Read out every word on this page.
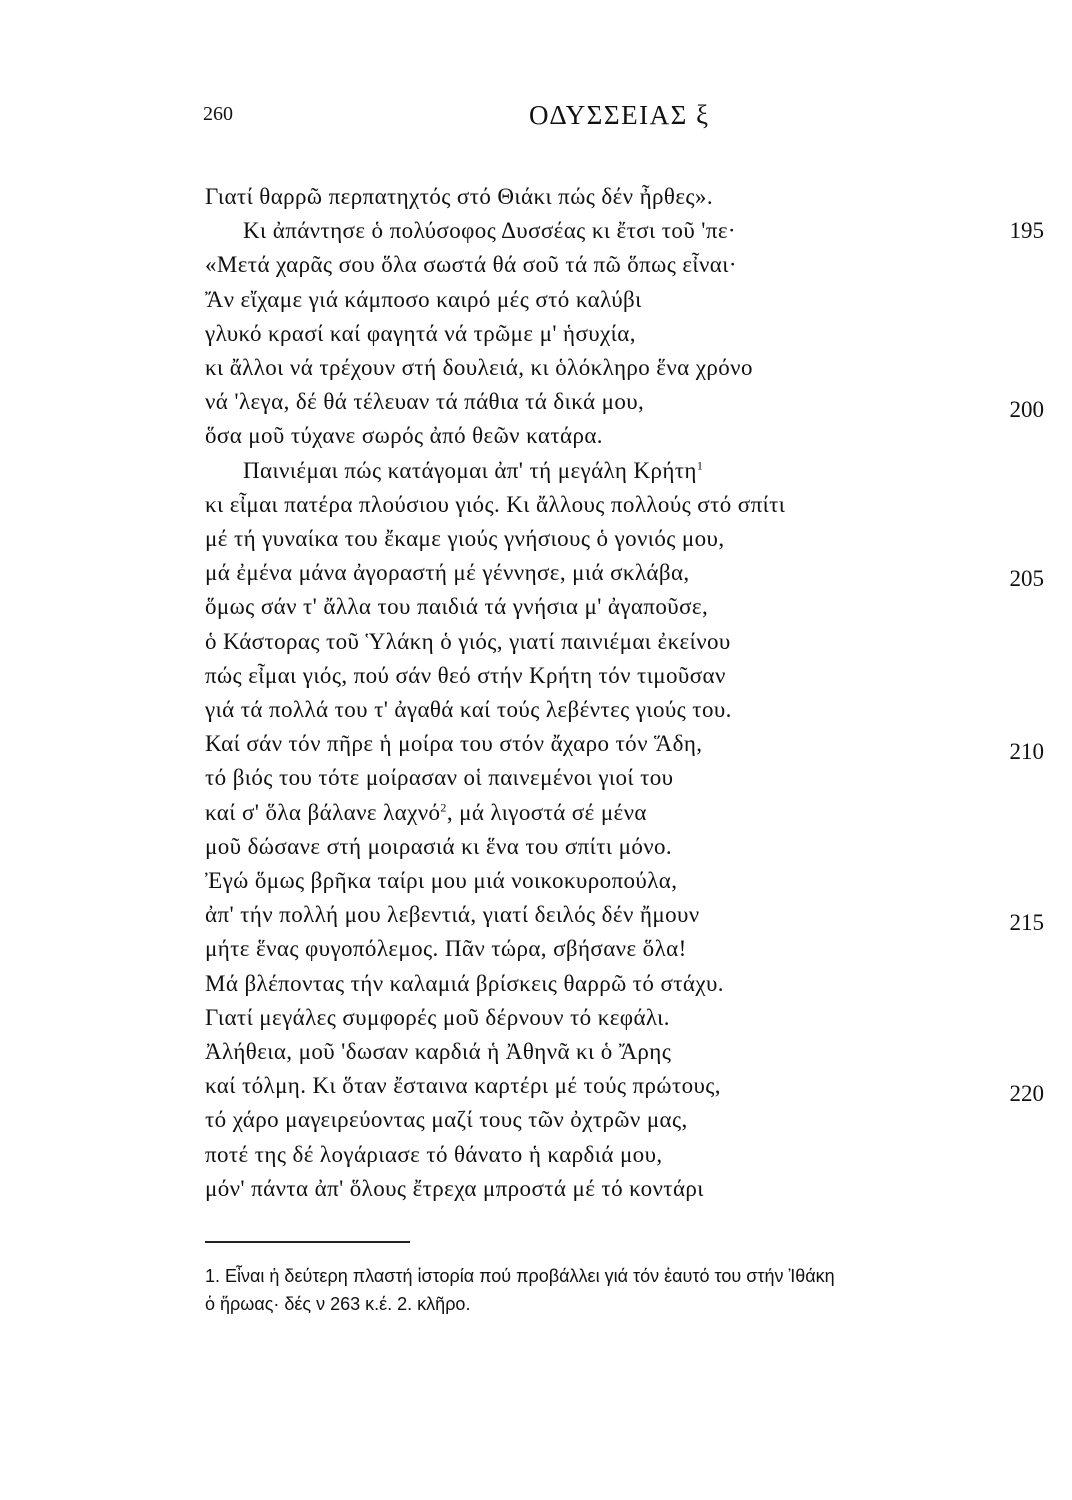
260	ΟΔΥΣΣΕΙΑΣ ξ
Γιατί θαρρῶ περπατηχτός στό Θιάκι πώς δέν ἦρθες».
Κι ἀπάντησε ὁ πολύσοφος Δυσσέας κι ἔτσι τοῦ 'πε·	195
«Μετά χαρᾶς σου ὅλα σωστά θά σοῦ τά πῶ ὅπως εἶναι·
Ἄν εἴχαμε γιά κάμποσο καιρό μές στό καλύβι
γλυκό κρασί καί φαγητά νά τρῶμε μ' ἡσυχία,
κι ἄλλοι νά τρέχουν στή δουλειά, κι ὁλόκληρο ἕνα χρόνο
νά 'λεγα, δέ θά τέλευαν τά πάθια τά δικά μου,	200
ὅσα μοῦ τύχανε σωρός ἀπό θεῶν κατάρα.
Παινιέμαι πώς κατάγομαι ἀπ' τή μεγάλη Κρήτη$^1$
κι εἶμαι πατέρα πλούσιου γιός. Κι ἄλλους πολλούς στό σπίτι
μέ τή γυναίκα του ἔκαμε γιούς γνήσιους ὁ γονιός μου,
μά ἐμένα μάνα ἀγοραστή μέ γέννησε, μιά σκλάβα,	205
ὅμως σάν τ' ἄλλα του παιδιά τά γνήσια μ' ἀγαποῦσε,
ὁ Κάστορας τοῦ Ὑλάκη ὁ γιός, γιατί παινιέμαι ἐκείνου
πώς εἶμαι γιός, πού σάν θεό στήν Κρήτη τόν τιμοῦσαν
γιά τά πολλά του τ' ἀγαθά καί τούς λεβέντες γιούς του.
Καί σάν τόν πῆρε ἡ μοίρα του στόν ἄχαρο τόν Ἅδη,	210
τό βιός του τότε μοίρασαν οἱ παινεμένοι γιοί του
καί σ' ὅλα βάλανε λαχνό$^2$, μά λιγοστά σέ μένα
μοῦ δώσανε στή μοιρασιά κι ἕνα του σπίτι μόνο.
Ἐγώ ὅμως βρῆκα ταίρι μου μιά νοικοκυροπούλα,
ἀπ' τήν πολλή μου λεβεντιά, γιατί δειλός δέν ἤμουν	215
μήτε ἕνας φυγοπόλεμος. Πᾶν τώρα, σβήσανε ὅλα!
Μά βλέποντας τήν καλαμιά βρίσκεις θαρρῶ τό στάχυ.
Γιατί μεγάλες συμφορές μοῦ δέρνουν τό κεφάλι.
Ἀλήθεια, μοῦ 'δωσαν καρδιά ἡ Ἀθηνᾶ κι ὁ Ἄρης
καί τόλμη. Κι ὅταν ἔσταινα καρτέρι μέ τούς πρώτους,	220
τό χάρο μαγειρεύοντας μαζί τους τῶν ὀχτρῶν μας,
ποτέ της δέ λογάριασε τό θάνατο ἡ καρδιά μου,
μόν' πάντα ἀπ' ὅλους ἔτρεχα μπροστά μέ τό κοντάρι
1. Εἶναι ἡ δεύτερη πλαστή ἱστορία πού προβάλλει γιά τόν ἑαυτό του στήν Ἰθάκη
ὁ ἥρωας· δές ν 263 κ.έ. 2. κλῆρο.
